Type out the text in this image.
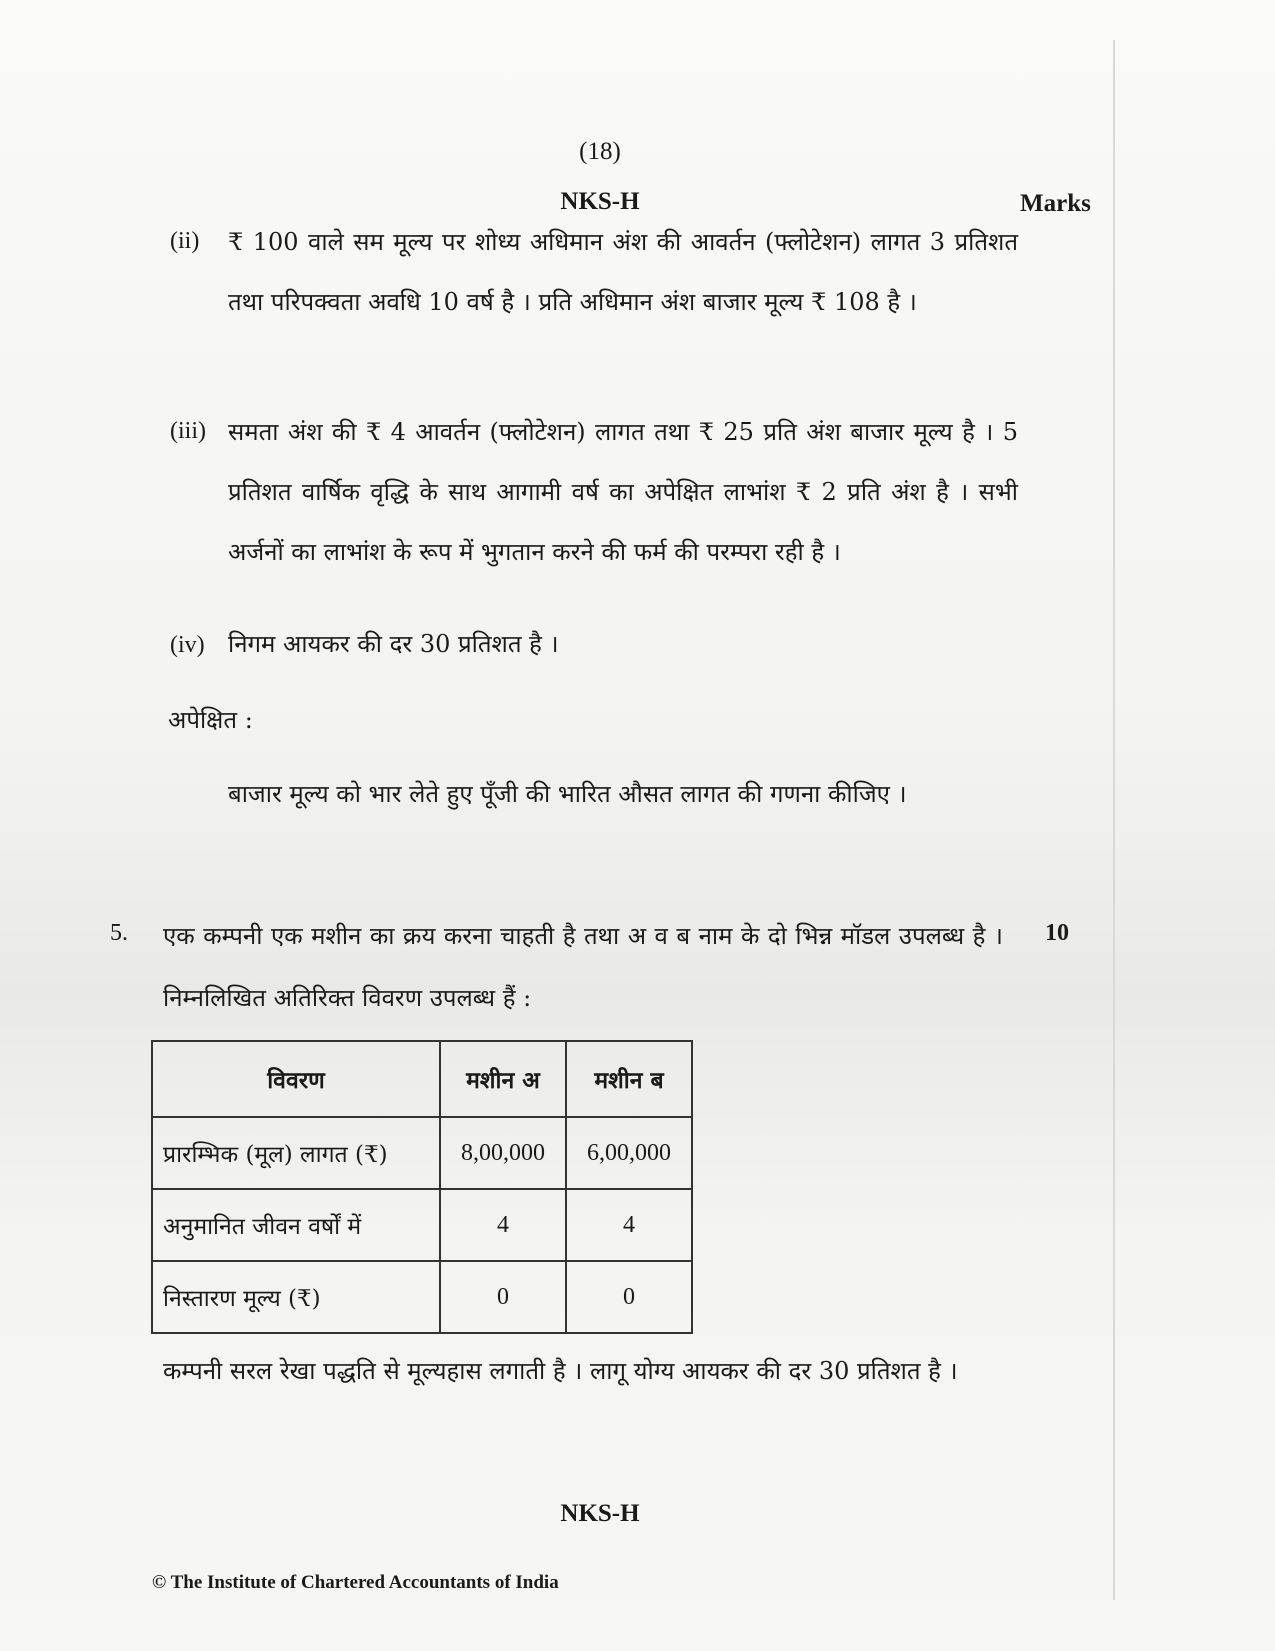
(18)
NKS-H	Marks
(ii) ₹ 100 वाले सम मूल्य पर शोध्य अधिमान अंश की आवर्तन (फ्लोटेशन) लागत 3 प्रतिशत तथा परिपक्वता अवधि 10 वर्ष है । प्रति अधिमान अंश बाजार मूल्य ₹ 108 है ।
(iii) समता अंश की ₹ 4 आवर्तन (फ्लोटेशन) लागत तथा ₹ 25 प्रति अंश बाजार मूल्य है । 5 प्रतिशत वार्षिक वृद्धि के साथ आगामी वर्ष का अपेक्षित लाभांश ₹ 2 प्रति अंश है । सभी अर्जनों का लाभांश के रूप में भुगतान करने की फर्म की परम्परा रही है ।
(iv) निगम आयकर की दर 30 प्रतिशत है ।
अपेक्षित :
बाजार मूल्य को भार लेते हुए पूँजी की भारित औसत लागत की गणना कीजिए ।
5.	10
एक कम्पनी एक मशीन का क्रय करना चाहती है तथा अ व ब नाम के दो भिन्न मॉडल उपलब्ध है । निम्नलिखित अतिरिक्त विवरण उपलब्ध हैं :
विवरण	मशीन अ	मशीन ब
प्रारम्भिक (मूल) लागत (₹)	8,00,000	6,00,000
अनुमानित जीवन वर्षों में	4	4
निस्तारण मूल्य (₹)	0	0
कम्पनी सरल रेखा पद्धति से मूल्यहास लगाती है । लागू योग्य आयकर की दर 30 प्रतिशत है ।
NKS-H
© The Institute of Chartered Accountants of India
